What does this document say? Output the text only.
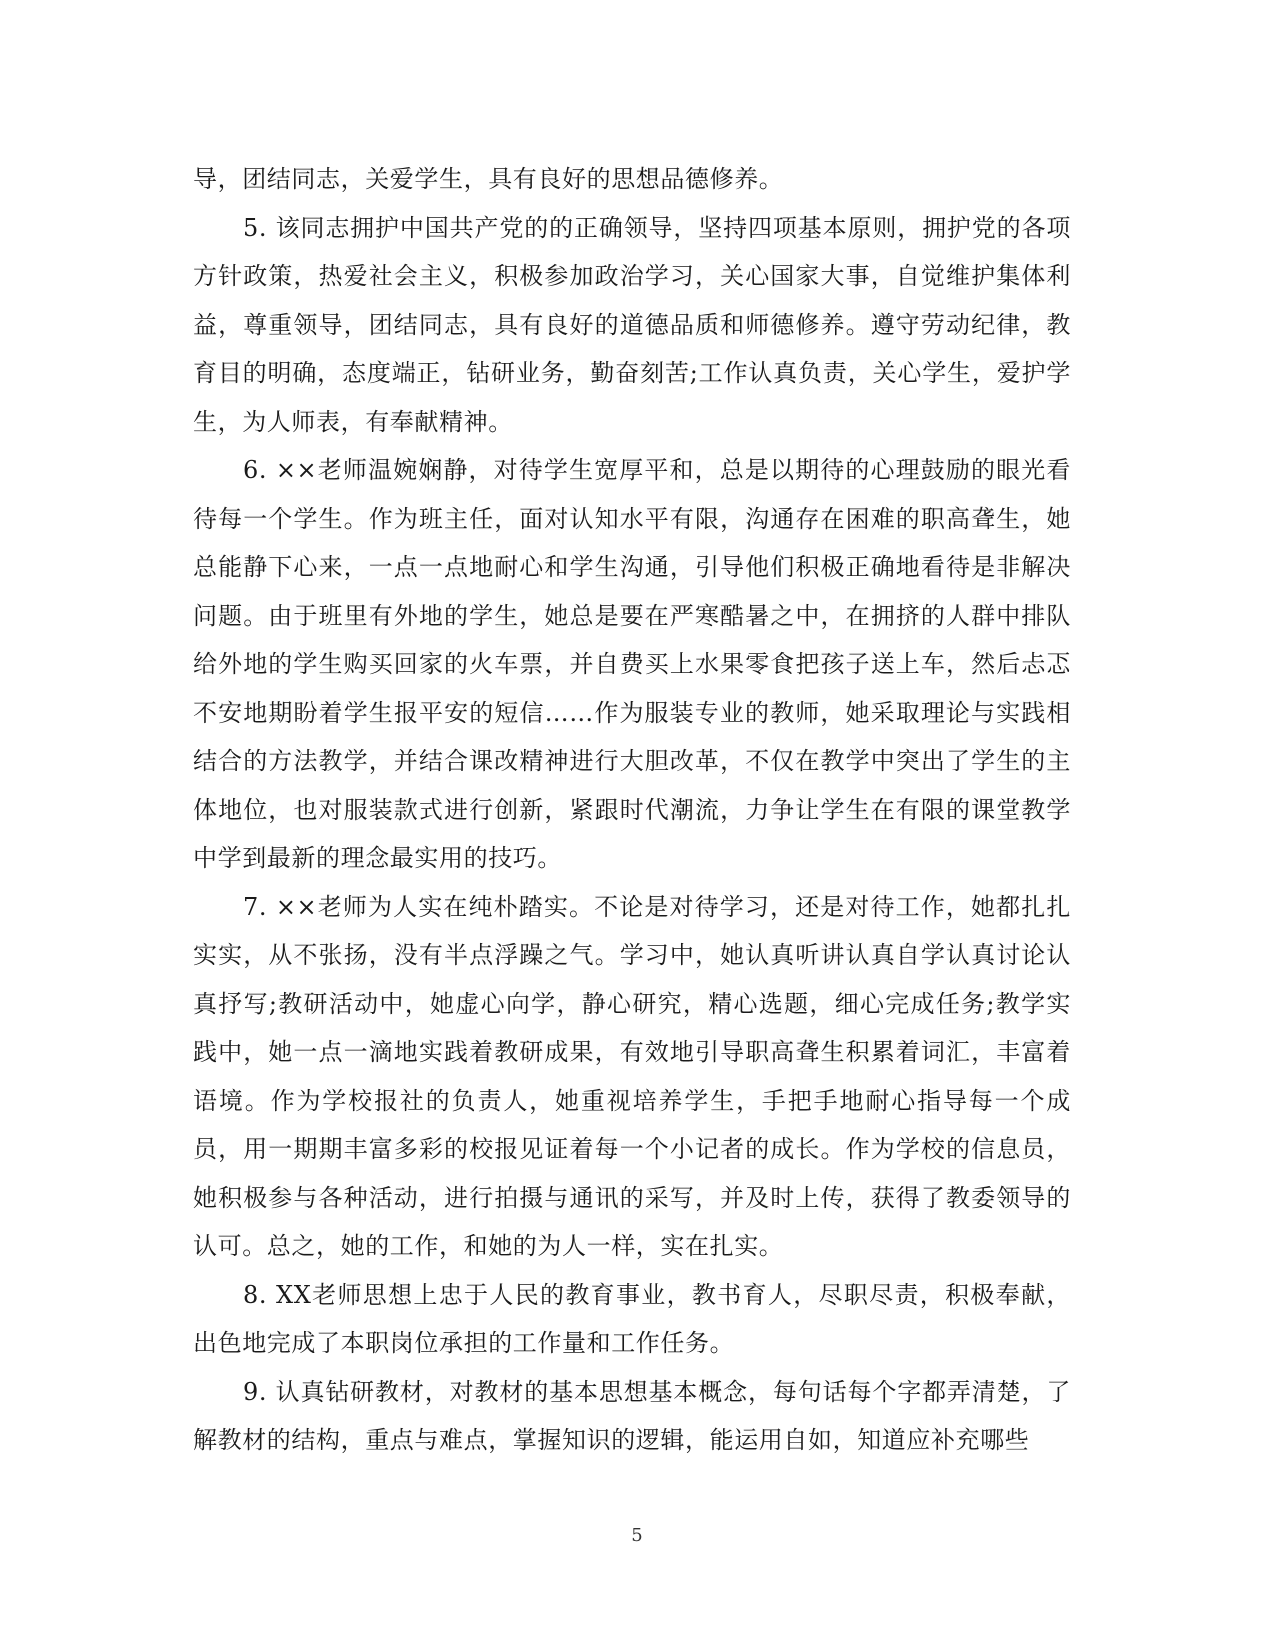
导，团结同志，关爱学生，具有良好的思想品德修养。

5. 该同志拥护中国共产党的的正确领导，坚持四项基本原则，拥护党的各项方针政策，热爱社会主义，积极参加政治学习，关心国家大事，自觉维护集体利益，尊重领导，团结同志，具有良好的道德品质和师德修养。遵守劳动纪律，教育目的明确，态度端正，钻研业务，勤奋刻苦;工作认真负责，关心学生，爱护学生，为人师表，有奉献精神。

6. ××老师温婉娴静，对待学生宽厚平和，总是以期待的心理鼓励的眼光看待每一个学生。作为班主任，面对认知水平有限，沟通存在困难的职高聋生，她总能静下心来，一点一点地耐心和学生沟通，引导他们积极正确地看待是非解决问题。由于班里有外地的学生，她总是要在严寒酷暑之中，在拥挤的人群中排队给外地的学生购买回家的火车票，并自费买上水果零食把孩子送上车，然后忐忑不安地期盼着学生报平安的短信……作为服装专业的教师，她采取理论与实践相结合的方法教学，并结合课改精神进行大胆改革，不仅在教学中突出了学生的主体地位，也对服装款式进行创新，紧跟时代潮流，力争让学生在有限的课堂教学中学到最新的理念最实用的技巧。

7. ××老师为人实在纯朴踏实。不论是对待学习，还是对待工作，她都扎扎实实，从不张扬，没有半点浮躁之气。学习中，她认真听讲认真自学认真讨论认真抒写;教研活动中，她虚心向学，静心研究，精心选题，细心完成任务;教学实践中，她一点一滴地实践着教研成果，有效地引导职高聋生积累着词汇，丰富着语境。作为学校报社的负责人，她重视培养学生，手把手地耐心指导每一个成员，用一期期丰富多彩的校报见证着每一个小记者的成长。作为学校的信息员，她积极参与各种活动，进行拍摄与通讯的采写，并及时上传，获得了教委领导的认可。总之，她的工作，和她的为人一样，实在扎实。

8. XX老师思想上忠于人民的教育事业，教书育人，尽职尽责，积极奉献，出色地完成了本职岗位承担的工作量和工作任务。

9. 认真钻研教材，对教材的基本思想基本概念，每句话每个字都弄清楚，了解教材的结构，重点与难点，掌握知识的逻辑，能运用自如，知道应补充哪些

5
